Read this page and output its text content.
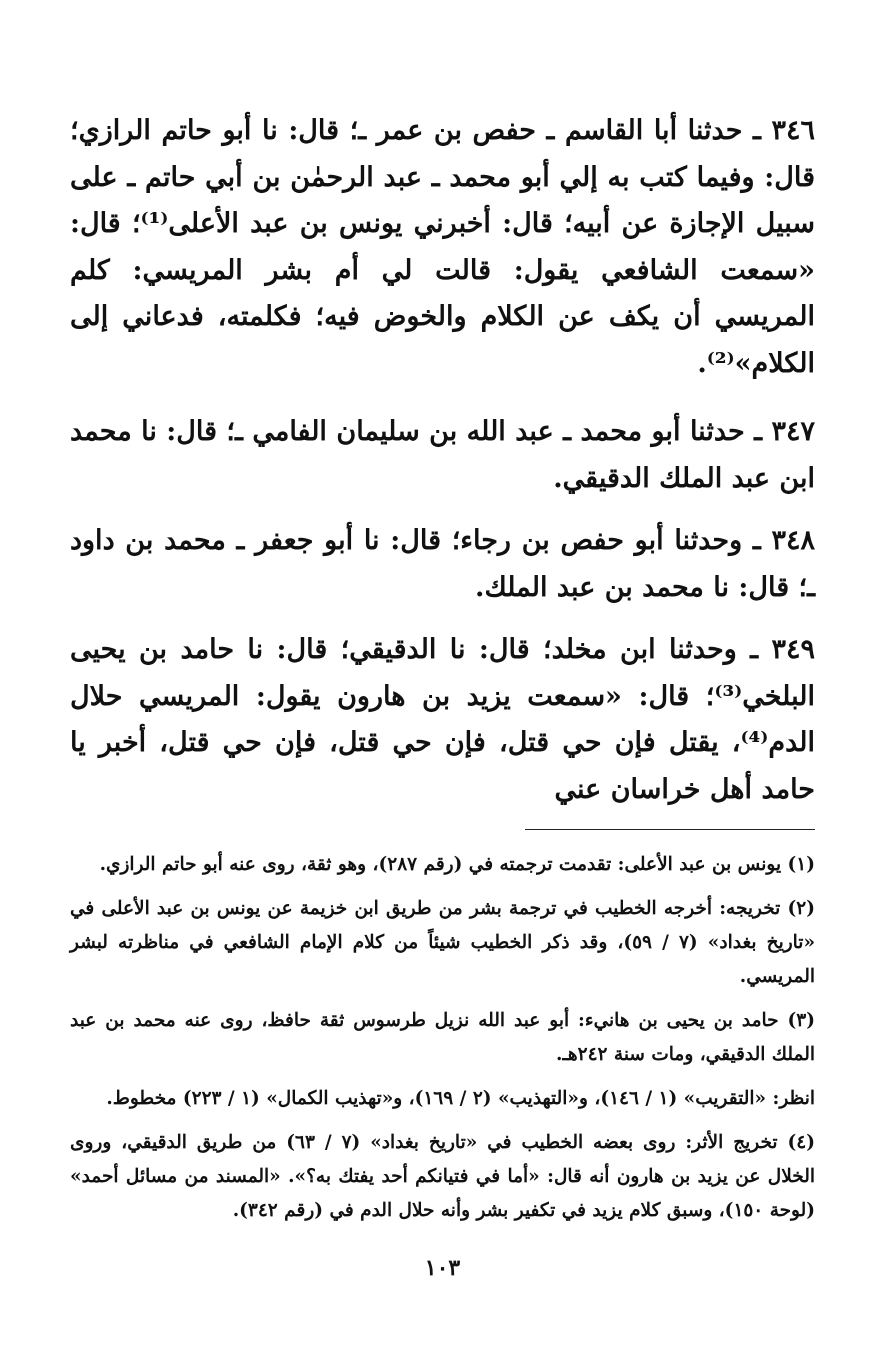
٣٤٦ ـ حدثنا أبا القاسم ـ حفص بن عمر ـ؛ قال: نا أبو حاتم الرازي؛ قال: وفيما كتب به إلي أبو محمد ـ عبد الرحمٰن بن أبي حاتم ـ على سبيل الإجازة عن أبيه؛ قال: أخبرني يونس بن عبد الأعلى⁽¹⁾؛ قال: «سمعت الشافعي يقول: قالت لي أم بشر المريسي: كلم المريسي أن يكف عن الكلام والخوض فيه؛ فكلمته، فدعاني إلى الكلام»⁽²⁾.

٣٤٧ ـ حدثنا أبو محمد ـ عبد الله بن سليمان الفامي ـ؛ قال: نا محمد ابن عبد الملك الدقيقي.

٣٤٨ ـ وحدثنا أبو حفص بن رجاء؛ قال: نا أبو جعفر ـ محمد بن داود ـ؛ قال: نا محمد بن عبد الملك.

٣٤٩ ـ وحدثنا ابن مخلد؛ قال: نا الدقيقي؛ قال: نا حامد بن يحيى البلخي⁽³⁾؛ قال: «سمعت يزيد بن هارون يقول: المريسي حلال الدم⁽⁴⁾، يقتل فإن حي قتل، فإن حي قتل، فإن حي قتل، أخبر يا حامد أهل خراسان عني

(١) يونس بن عبد الأعلى: تقدمت ترجمته في (رقم ٢٨٧)، وهو ثقة، روى عنه أبو حاتم الرازي.

(٢) تخريجه: أخرجه الخطيب في ترجمة بشر من طريق ابن خزيمة عن يونس بن عبد الأعلى في «تاريخ بغداد» (٧ / ٥٩)، وقد ذكر الخطيب شيئاً من كلام الإمام الشافعي في مناظرته لبشر المريسي.

(٣) حامد بن يحيى بن هانيء: أبو عبد الله نزيل طرسوس ثقة حافظ، روى عنه محمد بن عبد الملك الدقيقي، ومات سنة ٢٤٢هـ.

انظر: «التقريب» (١ / ١٤٦)، و«التهذيب» (٢ / ١٦٩)، و«تهذيب الكمال» (١ / ٢٢٣) مخطوط.

(٤) تخريج الأثر: روى بعضه الخطيب في «تاريخ بغداد» (٧ / ٦٣) من طريق الدقيقي، وروى الخلال عن يزيد بن هارون أنه قال: «أما في فتيانكم أحد يفتك به؟». «المسند من مسائل أحمد» (لوحة ١٥٠)، وسبق كلام يزيد في تكفير بشر وأنه حلال الدم في (رقم ٣٤٢).

١٠٣
